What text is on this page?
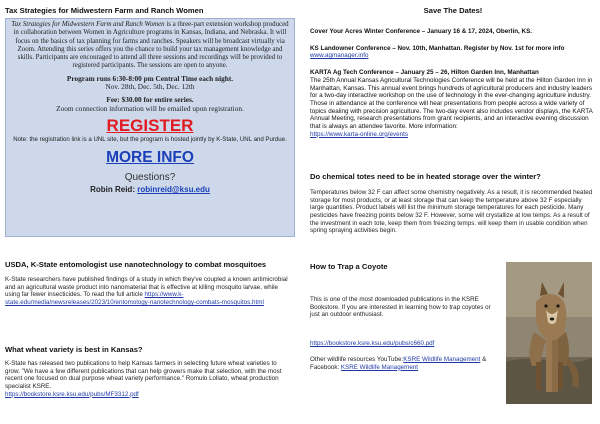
Tax Strategies for Midwestern Farm and Ranch Women

Tax Strategies for Midwestern Farm and Ranch Women is a three-part extension workshop produced in collaboration between Women in Agriculture programs in Kansas, Indiana, and Nebraska. It will focus on the basics of tax planning for farms and ranches. Speakers will be broadcast virtually via Zoom. Attending this series offers you the chance to build your tax management knowledge and skills. Participants are encouraged to attend all three sessions and recordings will be provided to registered participants. The sessions are open to anyone.

Program runs 6:30-8:00 pm Central Time each night.

Nov. 28th, Dec. 5th, Dec. 12th

Fee: $30.00 for entire series.

Zoom connection information will be emailed upon registration.

REGISTER

Note: the registration link is a UNL site, but the program is hosted jointly by K-State, UNL and Purdue.

MORE INFO
Questions?
Robin Reid: robinreid@ksu.edu
USDA, K-State entomologist use nanotechnology to combat mosquitoes

K-State researchers have published findings of a study in which they've coupled a known antimicrobial and an agricultural waste product into nanomaterial that is effective at killing mosquito larvae, while using far fewer insecticides. To read the full article https://www.k-state.edu/media/newsreleases/2023/10/entomology-nanotechnology-combats-mosquitos.html

What wheat variety is best in Kansas?

K-State has released two publications to help Kansas farmers in selecting future wheat varieties to grow. "We have a few different publications that can help growers make that selection, with the most recent one focused on dual purpose wheat variety performance." Romulo Lollato, wheat production specialist KSRE.

https://bookstore.ksre.ksu.edu/pubs/MF3312.pdf

Save The Dates!

Cover Your Acres Winter Conference – January 16 & 17, 2024, Oberlin, KS.

KS Landowner Conference – Nov. 10th, Manhattan. Register by Nov. 1st for more info
www.agmanager.info

KARTA Ag Tech Conference – January 25 – 26, Hilton Garden Inn, Manhattan

The 25th Annual Kansas Agricultural Technologies Conference will be held at the Hilton Garden Inn in Manhattan, Kansas. This annual event brings hundreds of agricultural producers and industry leaders for a two-day interactive workshop on the use of technology in the ever-changing agriculture industry. Those in attendance at the conference will hear presentations from people across a wide variety of topics dealing with precision agriculture. The two-day event also includes vendor displays, the KARTA Annual Meeting, research presentations from grant recipients, and an interactive evening discussion that is always an attendee favorite. More information:
https://www.karta-online.org/events

Do chemical totes need to be in heated storage over the winter?

Temperatures below 32 F can affect some chemistry negatively. As a result, it is recommended heated storage for most products, or at least storage that can keep the temperature above 32 F especially large quantities. Product labels will list the minimum storage temperatures for each pesticide. Many pesticides have freezing points below 32 F. However, some will crystallize at low temps. As a result of the investment in each tote, keep them from freezing temps. will keep them in usable condition when spring spraying activities begin.

How to Trap a Coyote

This is one of the most downloaded publications in the KSRE Bookstore. If you are interested in learning how to trap coyotes or just an outdoor enthusiast.

https://bookstore.ksre.ksu.edu/pubs/c660.pdf

Other wildlife resources YouTube:KSRE Wildlife Management & Facebook: KSRE Wildlife Management
